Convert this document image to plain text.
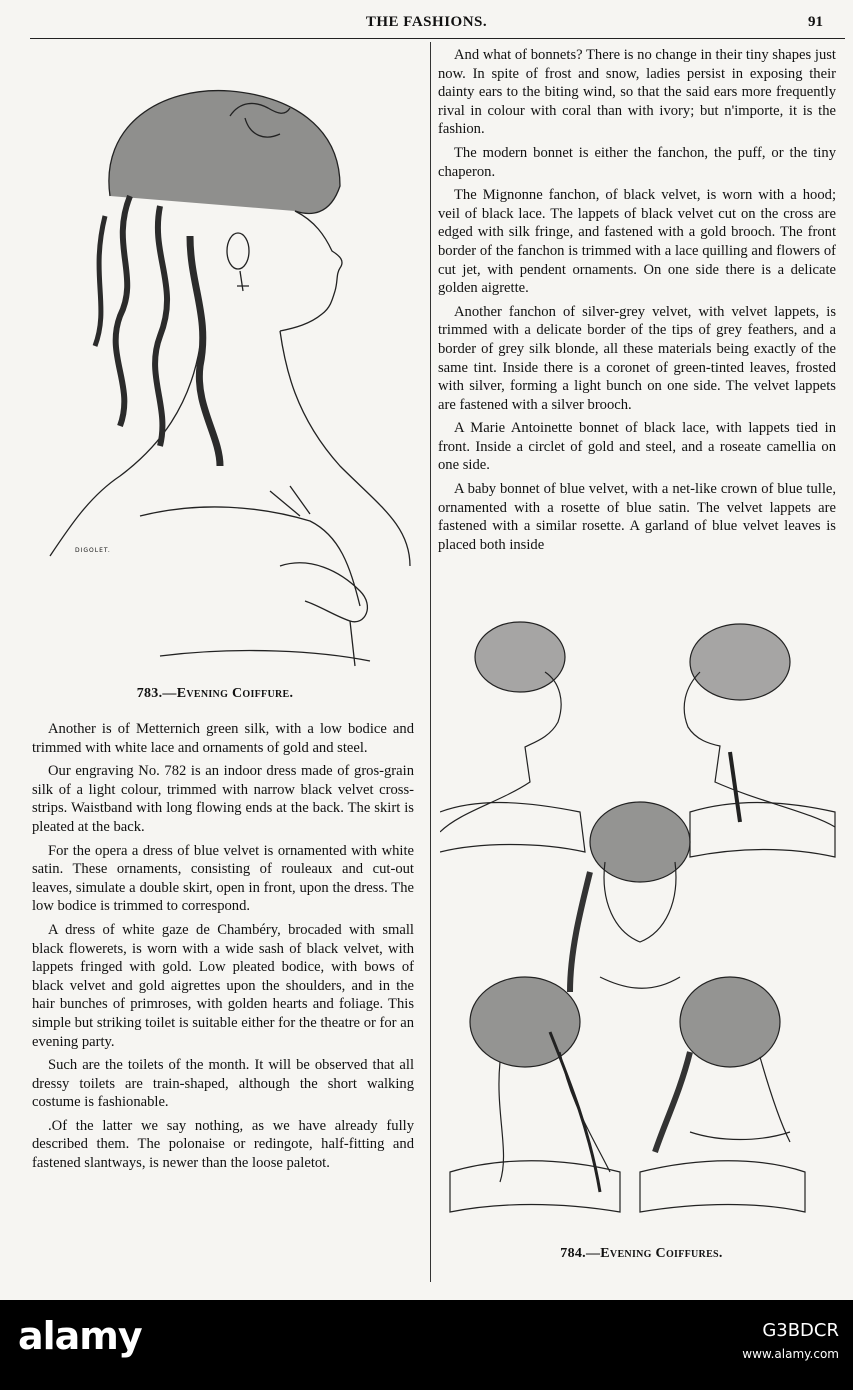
THE FASHIONS.	91
DIGOLET.
783.—Evening Coiffure.

Another is of Metternich green silk, with a low bodice and trimmed with white lace and ornaments of gold and steel.

Our engraving No. 782 is an indoor dress made of gros-grain silk of a light colour, trimmed with narrow black velvet cross-strips. Waistband with long flowing ends at the back. The skirt is pleated at the back.

For the opera a dress of blue velvet is ornamented with white satin. These ornaments, consisting of rouleaux and cut-out leaves, simulate a double skirt, open in front, upon the dress. The low bodice is trimmed to correspond.

A dress of white gaze de Chambéry, brocaded with small black flowerets, is worn with a wide sash of black velvet, with lappets fringed with gold. Low pleated bodice, with bows of black velvet and gold aigrettes upon the shoulders, and in the hair bunches of primroses, with golden hearts and foliage. This simple but striking toilet is suitable either for the theatre or for an evening party.

Such are the toilets of the month. It will be observed that all dressy toilets are train-shaped, although the short walking costume is fashionable.

.Of the latter we say nothing, as we have already fully described them. The polonaise or redingote, half-fitting and fastened slantways, is newer than the loose paletot.

And what of bonnets? There is no change in their tiny shapes just now. In spite of frost and snow, ladies persist in exposing their dainty ears to the biting wind, so that the said ears more frequently rival in colour with coral than with ivory; but n'importe, it is the fashion.

The modern bonnet is either the fanchon, the puff, or the tiny chaperon.

The Mignonne fanchon, of black velvet, is worn with a hood; veil of black lace. The lappets of black velvet cut on the cross are edged with silk fringe, and fastened with a gold brooch. The front border of the fanchon is trimmed with a lace quilling and flowers of cut jet, with pendent ornaments. On one side there is a delicate golden aigrette.

Another fanchon of silver-grey velvet, with velvet lappets, is trimmed with a delicate border of the tips of grey feathers, and a border of grey silk blonde, all these materials being exactly of the same tint. Inside there is a coronet of green-tinted leaves, frosted with silver, forming a light bunch on one side. The velvet lappets are fastened with a silver brooch.

A Marie Antoinette bonnet of black lace, with lappets tied in front. Inside a circlet of gold and steel, and a roseate camellia on one side.

A baby bonnet of blue velvet, with a net-like crown of blue tulle, ornamented with a rosette of blue satin. The velvet lappets are fastened with a similar rosette. A garland of blue velvet leaves is placed both inside

784.—Evening Coiffures.
alamy	G3BDCR
www.alamy.com
